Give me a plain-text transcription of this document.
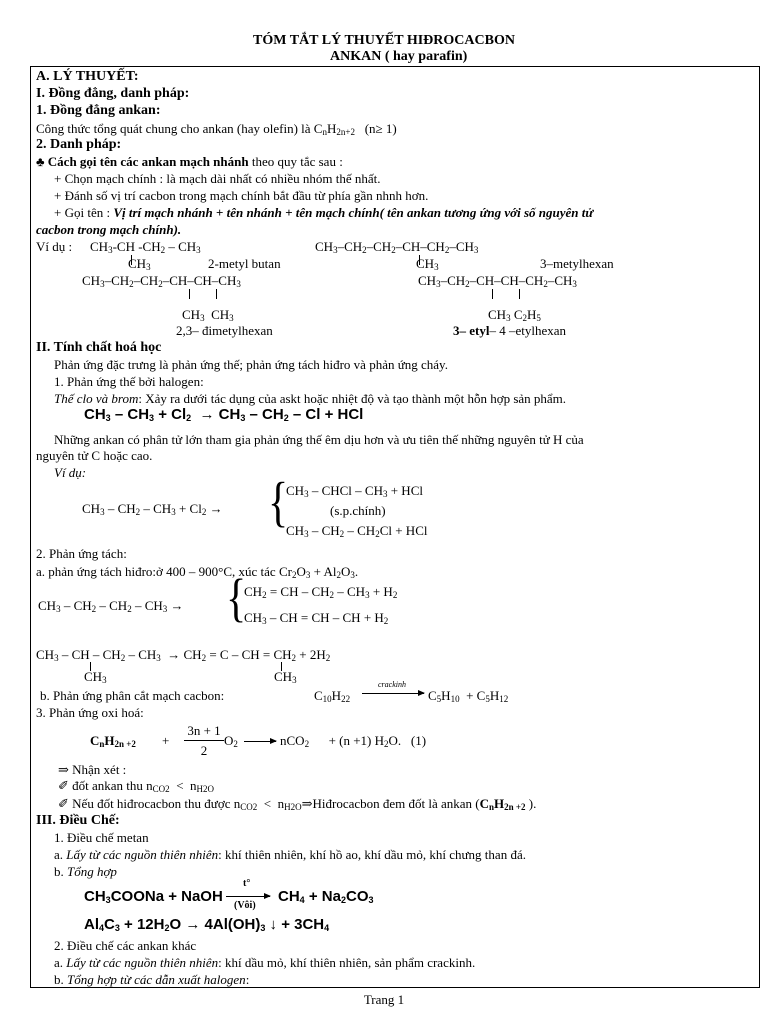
TÓM TẮT LÝ THUYẾT HIĐROCACBON
ANKAN ( hay parafin)
A. LÝ THUYẾT:
I. Đồng đẳng, danh pháp:
1. Đồng đẳng ankan:
Công thức tổng quát chung cho ankan (hay olefin) là $C_nH_{2n+2}$ (n≥ 1)
2. Danh pháp:
♣ Cách gọi tên các ankan mạch nhánh theo quy tắc sau :
+ Chọn mạch chính : là mạch dài nhất có nhiều nhóm thế nhất.
+ Đánh số vị trí cacbon trong mạch chính bắt đầu từ phía gần nhnh hơn.
+ Gọi tên : Vị trí mạch nhánh + tên nhánh + tên mạch chính( tên ankan tương ứng với số nguyên tử
cacbon trong mạch chính).
Ví dụ : $CH_3-CH$ $-CH_2 - CH_3$
$CH_3$	2-metyl butan
$CH_3-CH_2-CH_2-CH-CH_2-CH_3$
$CH_3$	3–metylhexan
$CH_3-CH_2-CH_2-CH-CH-CH_3$
$CH_3$  $CH_3$
2,3– đimetylhexan
$CH_3-CH_2-CH-CH-CH_2-CH_3$
$CH_3$ $C_2H_5$
3– etyl– 4 –etylhexan
II. Tính chất hoá học
Phản ứng đặc trưng là phản ứng thế; phản ứng tách hiđro và phản ứng cháy.
1. Phản ứng thế bởi halogen:
Thế clo và brom: Xảy ra dưới tác dụng của askt hoặc nhiệt độ và tạo thành một hỗn hợp sản phẩm.
$CH_3 - CH_3 + Cl_2 \to CH_3 - CH_2 - Cl$ + HCl
Những ankan có phân tử lớn tham gia phản ứng thế êm dịu hơn và ưu tiên thế những nguyên tử H của
nguyên tử C hoặc cao.
Ví dụ:
$CH_3 - CH_2 - CH_3 + Cl_2$ → {
$CH_3$ – CHCl – $CH_3$ + HCl
(s.p.chính)
$CH_3 - CH_2 - CH_2Cl$ + HCl
2. Phản ứng tách:
a. phản ứng tách hiđro:ở 400 – 900°C, xúc tác $Cr_2O_3 + Al_2O_3$.
$CH_3 - CH_2 - CH_2 - CH_3$ → {
$CH_2$ = CH – $CH_2 - CH_3 + H_2$
$CH_3$ – CH = CH – CH + $H_2$
$CH_3$ – CH – $CH_2 - CH_3 \to CH_2 = C$ – CH = $CH_2 + 2H_2$
$CH_3$	$CH_3$
b. Phản ứng phân cắt mạch cacbon:	$C_{10}H_{22}$
crackinh
$C_5H_{10} + C_5H_{12}$
3. Phản ứng oxi hoá:
$C_nH_{2n +2}$ +
3n + 1
2
$O_2 \to nCO_2$      + (n +1) $H_2O$.   (1)
⇒ Nhận xét :
✐ đốt ankan thu $n_{CO2} < n_{H2O}$
✐ Nếu đốt hiđrocacbon thu được $n_{CO2}$  <  $n_{H2O}\Rightarrow Hiđrocacbon$ đem đốt là ankan ($C_nH_{2n +2}$ ).
III. Điều Chế:
1. Điều chế metan
a. Lấy từ các nguồn thiên nhiên: khí thiên nhiên, khí hồ ao, khí dầu mỏ, khí chưng than đá.
b. Tổng hợp
$CH_3COONa$ + NaOH
t°
(Vôi)
$CH_4 + Na_2CO_3$
$Al_4C_3 + 12H_2O \to 4Al(OH)_3$ ↓ + $3CH_4$
2. Điều chế các ankan khác
a. Lấy từ các nguồn thiên nhiên: khí dầu mỏ, khí thiên nhiên, sản phẩm crackinh.
b. Tổng hợp từ các dẫn xuất halogen:
Trang 1
